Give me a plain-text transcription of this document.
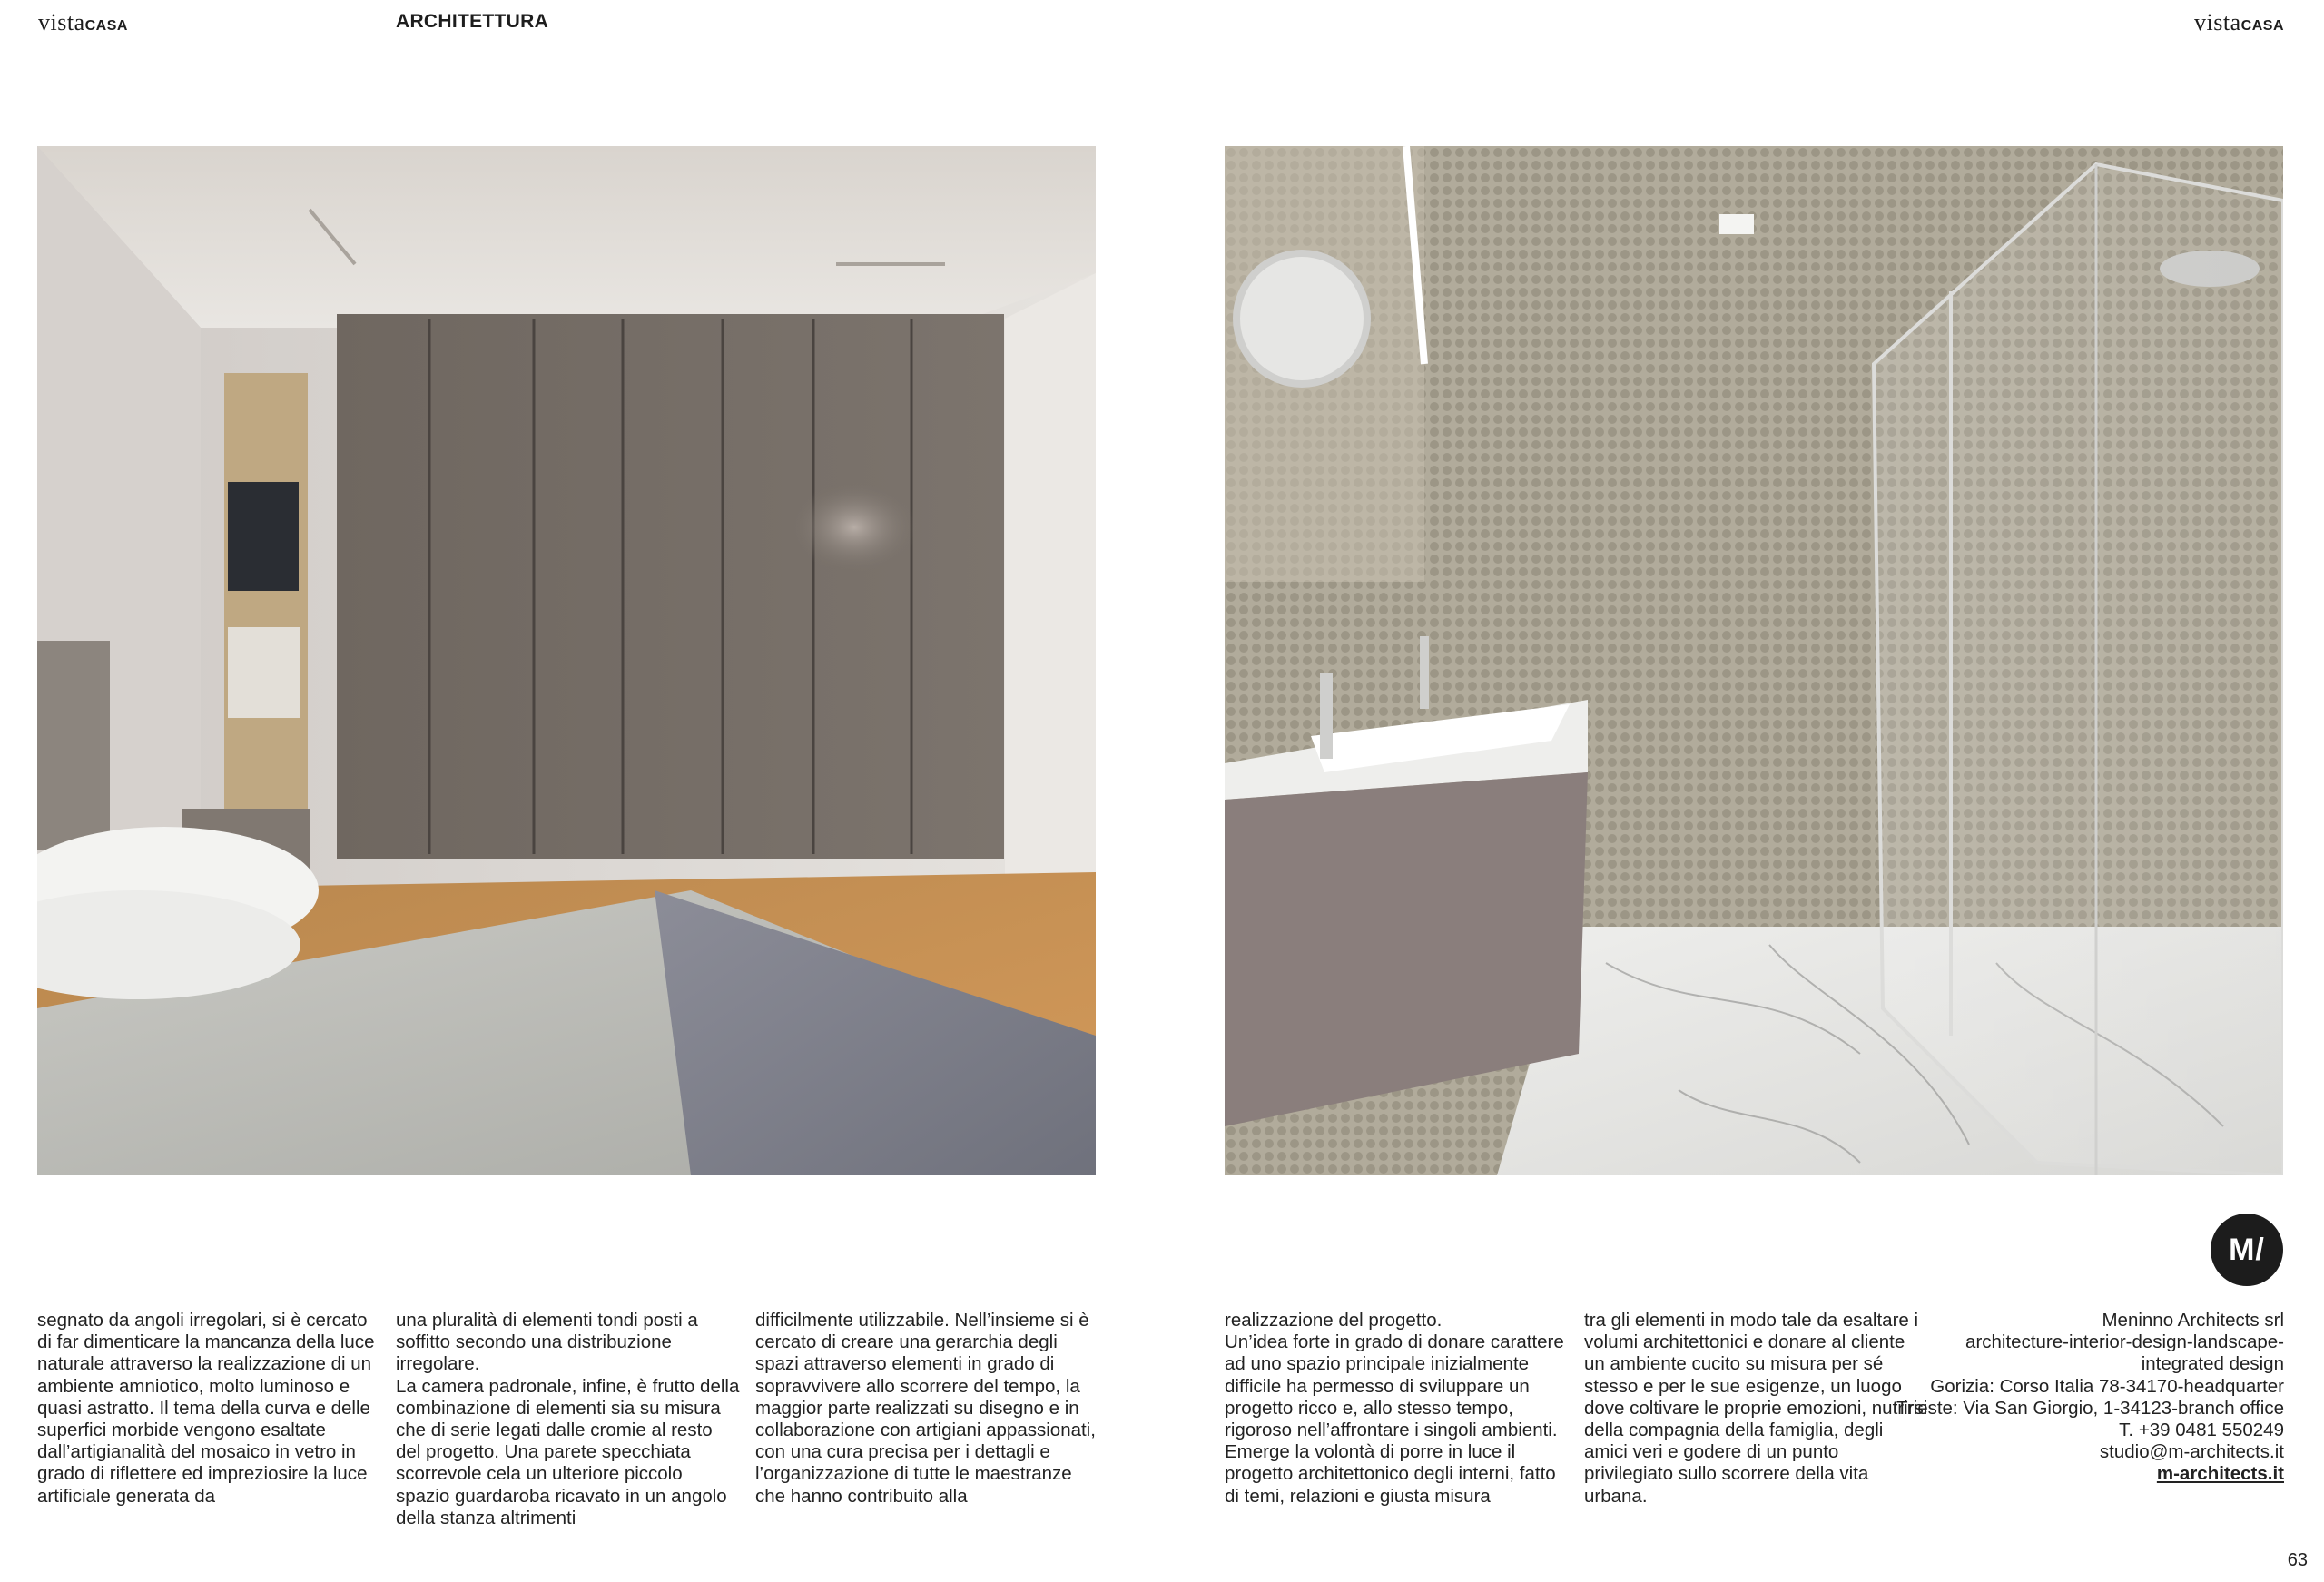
vistaCASA	ARCHITETTURA	vistaCASA

segnato da angoli irregolari, si è cercato di far dimenticare la mancanza della luce naturale attraverso la realizzazione di un ambiente amniotico, molto luminoso e quasi astratto. Il tema della curva e delle superfici morbide vengono esaltate dall’artigianalità del mosaico in vetro in grado di riflettere ed impreziosire la luce artificiale generata da

una pluralità di elementi tondi posti a soffitto secondo una distribuzione irregolare.
La camera padronale, infine, è frutto della combinazione di elementi sia su misura che di serie legati dalle cromie al resto del progetto. Una parete specchiata scorrevole cela un ulteriore piccolo spazio guardaroba ricavato in un angolo della stanza altrimenti

difficilmente utilizzabile. Nell’insieme si è cercato di creare una gerarchia degli spazi attraverso elementi in grado di sopravvivere allo scorrere del tempo, la maggior parte realizzati su disegno e in collaborazione con artigiani appassionati, con una cura precisa per i dettagli e l’organizzazione di tutte le maestranze che hanno contribuito alla

realizzazione del progetto.
Un’idea forte in grado di donare carattere ad uno spazio principale inizialmente difficile ha permesso di sviluppare un progetto ricco e, allo stesso tempo, rigoroso nell’affrontare i singoli ambienti. Emerge la volontà di porre in luce il progetto architettonico degli interni, fatto di temi, relazioni e giusta misura

tra gli elementi in modo tale da esaltare i volumi architettonici e donare al cliente un ambiente cucito su misura per sé stesso e per le sue esigenze, un luogo dove coltivare le proprie emozioni, nutrirsi della compagnia della famiglia, degli amici veri e godere di un punto privilegiato sullo scorrere della vita urbana.

M/
Meninno Architects srl
architecture-interior-design-landscape-
integrated design
Gorizia: Corso Italia 78-34170-headquarter
Trieste: Via San Giorgio, 1-34123-branch office
T. +39 0481 550249
studio@m-architects.it
m-architects.it
63
